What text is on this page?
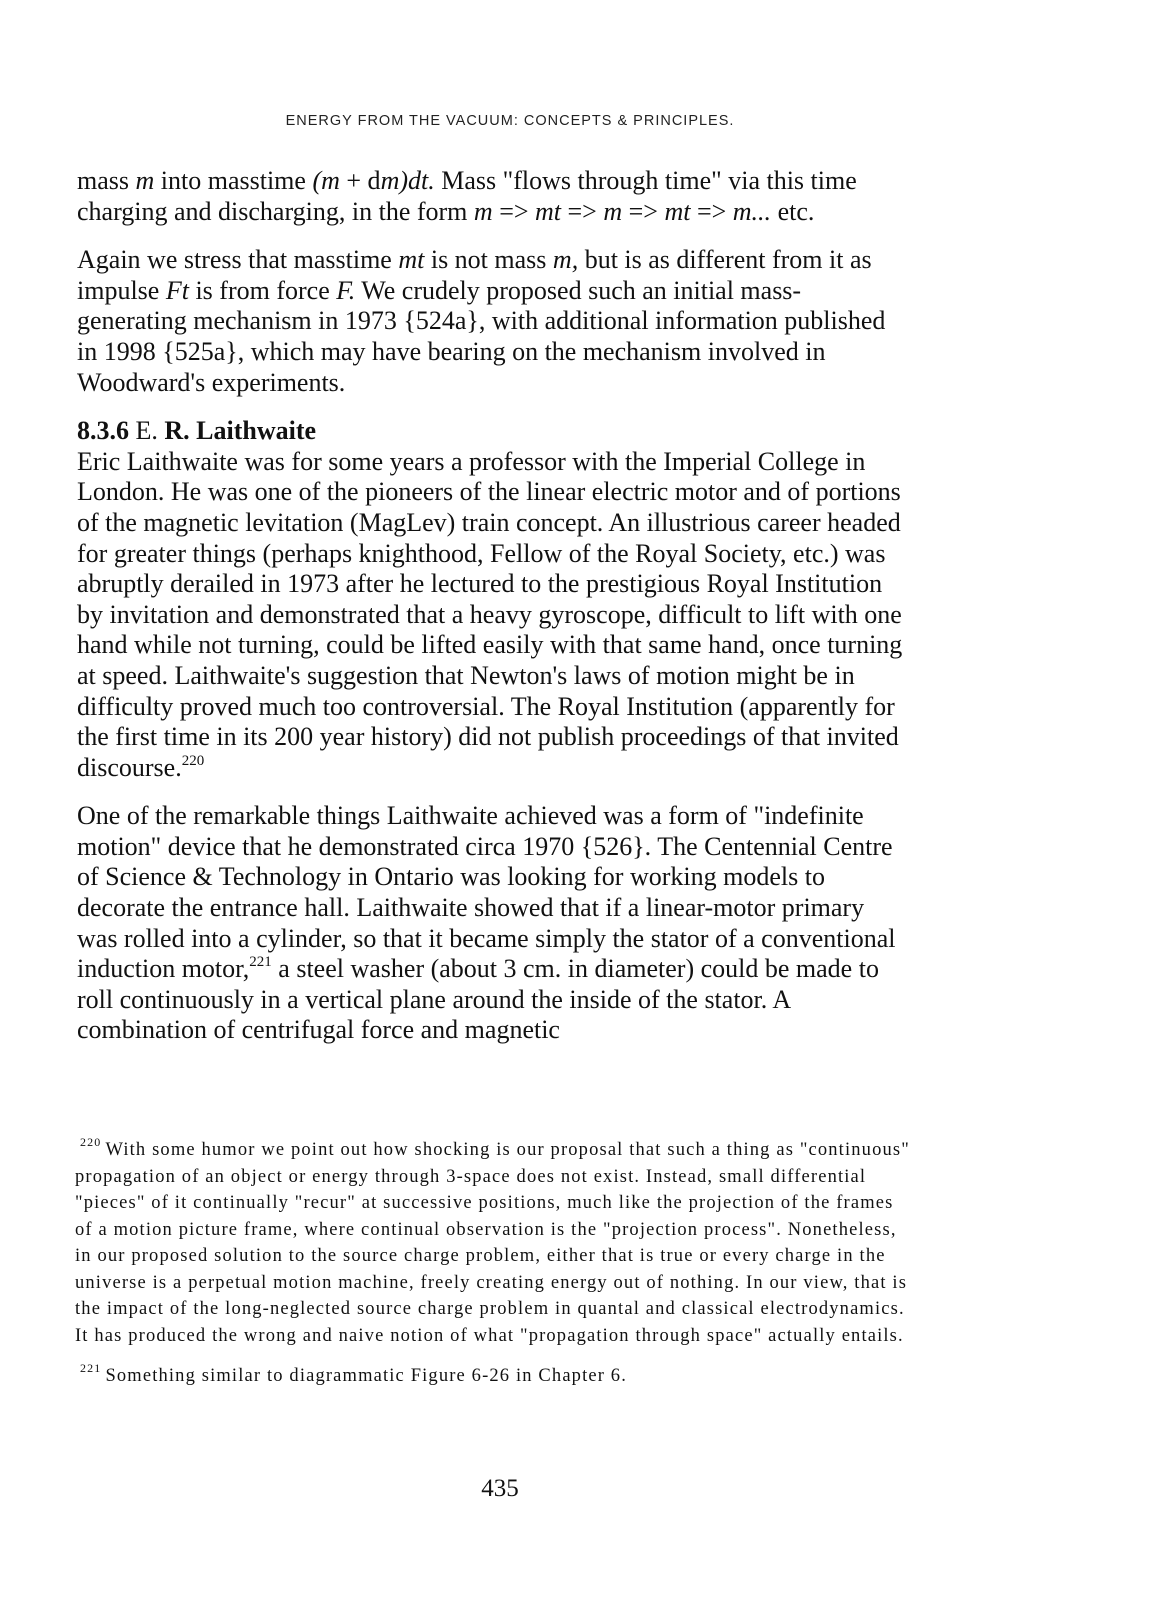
ENERGY FROM THE VACUUM: CONCEPTS & PRINCIPLES.

mass m into masstime (m + dm)dt. Mass "flows through time" via this time charging and discharging, in the form m => mt => m => mt => m... etc.

Again we stress that masstime mt is not mass m, but is as different from it as impulse Ft is from force F. We crudely proposed such an initial mass-generating mechanism in 1973 {524a}, with additional information published in 1998 {525a}, which may have bearing on the mechanism involved in Woodward's experiments.

8.3.6 E. R. Laithwaite

Eric Laithwaite was for some years a professor with the Imperial College in London. He was one of the pioneers of the linear electric motor and of portions of the magnetic levitation (MagLev) train concept. An illustrious career headed for greater things (perhaps knighthood, Fellow of the Royal Society, etc.) was abruptly derailed in 1973 after he lectured to the prestigious Royal Institution by invitation and demonstrated that a heavy gyroscope, difficult to lift with one hand while not turning, could be lifted easily with that same hand, once turning at speed. Laithwaite's suggestion that Newton's laws of motion might be in difficulty proved much too controversial. The Royal Institution (apparently for the first time in its 200 year history) did not publish proceedings of that invited discourse.$^{220}$

One of the remarkable things Laithwaite achieved was a form of "indefinite motion" device that he demonstrated circa 1970 {526}. The Centennial Centre of Science & Technology in Ontario was looking for working models to decorate the entrance hall. Laithwaite showed that if a linear-motor primary was rolled into a cylinder, so that it became simply the stator of a conventional induction motor,$^{221}$ a steel washer (about 3 cm. in diameter) could be made to roll continuously in a vertical plane around the inside of the stator. A combination of centrifugal force and magnetic

$^{220}$ With some humor we point out how shocking is our proposal that such a thing as "continuous" propagation of an object or energy through 3-space does not exist. Instead, small differential "pieces" of it continually "recur" at successive positions, much like the projection of the frames of a motion picture frame, where continual observation is the "projection process". Nonetheless, in our proposed solution to the source charge problem, either that is true or every charge in the universe is a perpetual motion machine, freely creating energy out of nothing. In our view, that is the impact of the long-neglected source charge problem in quantal and classical electrodynamics. It has produced the wrong and naive notion of what "propagation through space" actually entails.

$^{221}$ Something similar to diagrammatic Figure 6-26 in Chapter 6.

435
